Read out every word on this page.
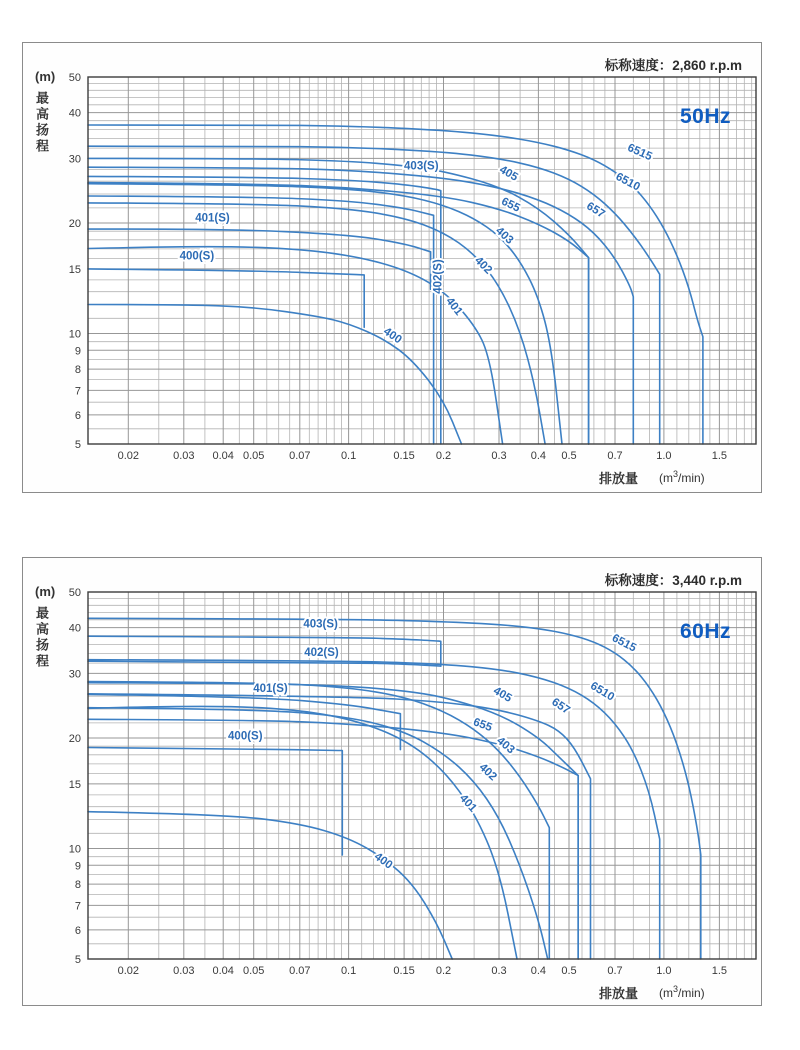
0.02	0.03 0.04 0.05 0.07	0.1	0.15 0.2	0.3 0.4 0.5	0.7	1.0	1.5
50
40
30
20
15
10
9
8
7
6
5
6515
6510
405
657
403(S)
655
403
402(S) 402
401(S)
401
400(S)
400
标称速度：2,860 r.p.m
50Hz
(m)
最高扬程
排放量 $(m^3/\min)$
0.02	0.03 0.04 0.05 0.07	0.1	0.15 0.2	0.3 0.4 0.5	0.7	1.0	1.5
50
40
30
20
15
10
9
8
7
6
5
6515
403(S)
6510
402(S)
403
405
657
401(S)
402
401
655
400(S)
400
标称速度：3,440 r.p.m
60Hz
(m)
最高扬程
排放量 $(m^3/\min)$
